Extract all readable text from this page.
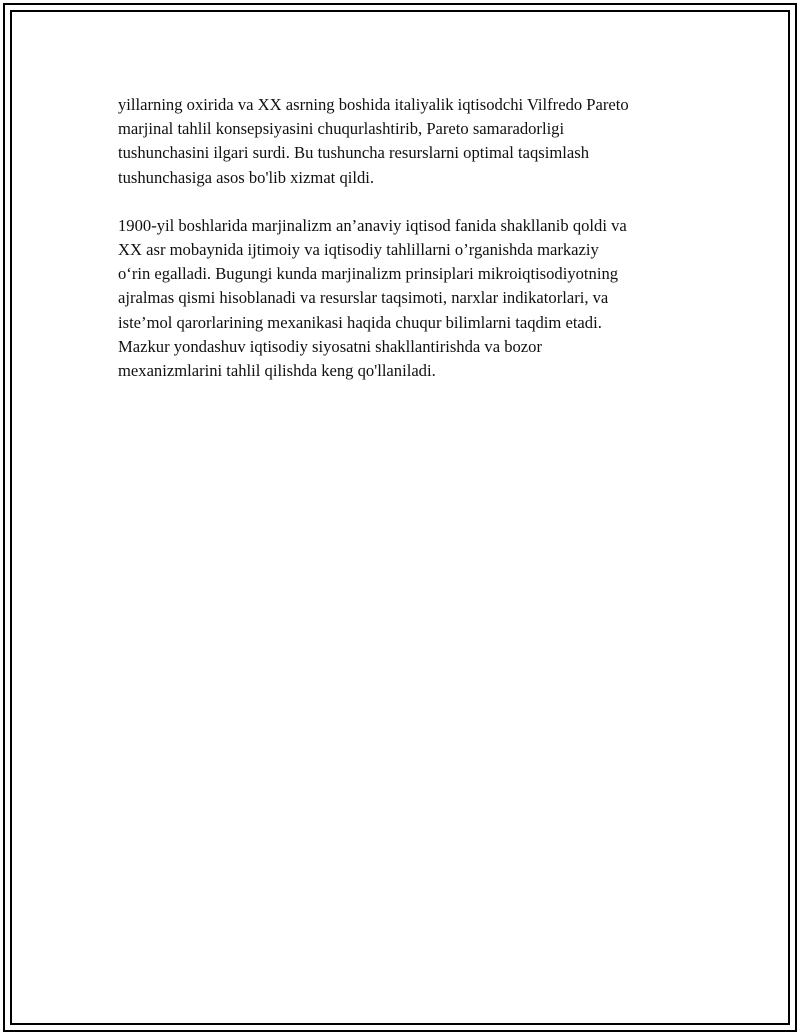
yillarning oxirida va XX asrning boshida italiyalik iqtisodchi Vilfredo Pareto
marjinal tahlil konsepsiyasini chuqurlashtirib, Pareto samaradorligi
tushunchasini ilgari surdi. Bu tushuncha resurslarni optimal taqsimlash
tushunchasiga asos bo'lib xizmat qildi.

1900-yil boshlarida marjinalizm an’anaviy iqtisod fanida shakllanib qoldi va
XX asr mobaynida ijtimoiy va iqtisodiy tahlillarni o’rganishda markaziy
o‘rin egalladi. Bugungi kunda marjinalizm prinsiplari mikroiqtisodiyotning
ajralmas qismi hisoblanadi va resurslar taqsimoti, narxlar indikatorlari, va
iste’mol qarorlarining mexanikasi haqida chuqur bilimlarni taqdim etadi.
Mazkur yondashuv iqtisodiy siyosatni shakllantirishda va bozor
mexanizmlarini tahlil qilishda keng qo'llaniladi.
